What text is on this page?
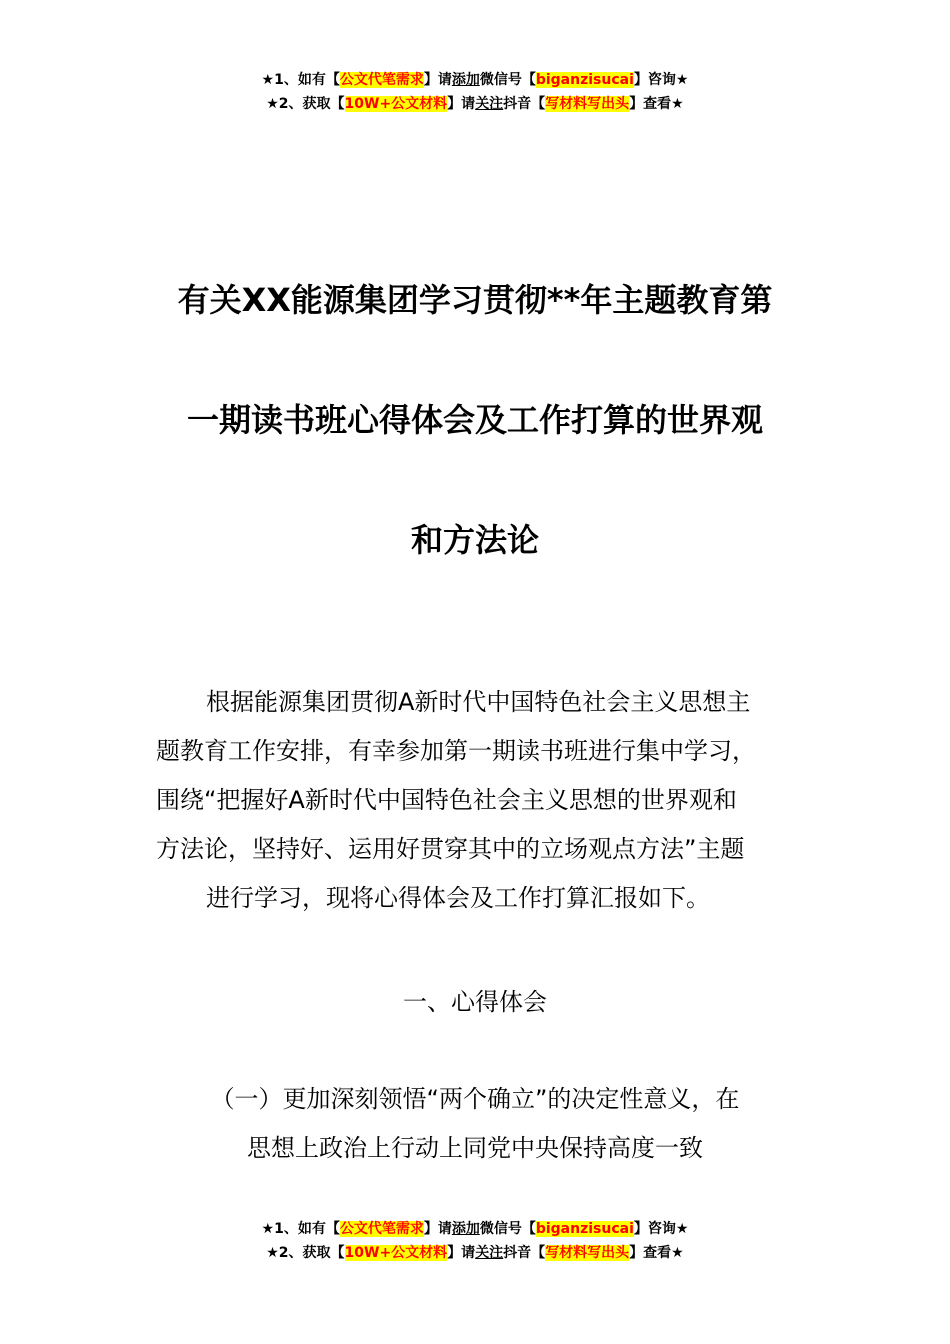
★1、如有【公文代笔需求】请添加微信号【biganzisucai】咨询★
★2、获取【10W+公文材料】请关注抖音【写材料写出头】查看★
有关XX能源集团学习贯彻**年主题教育第
一期读书班心得体会及工作打算的世界观
和方法论
根据能源集团贯彻A新时代中国特色社会主义思想主
题教育工作安排，有幸参加第一期读书班进行集中学习，
围绕“把握好A新时代中国特色社会主义思想的世界观和
方法论，坚持好、运用好贯穿其中的立场观点方法”主题
进行学习，现将心得体会及工作打算汇报如下。
一、心得体会
（一）更加深刻领悟“两个确立”的决定性意义，在
思想上政治上行动上同党中央保持高度一致
★1、如有【公文代笔需求】请添加微信号【biganzisucai】咨询★
★2、获取【10W+公文材料】请关注抖音【写材料写出头】查看★
